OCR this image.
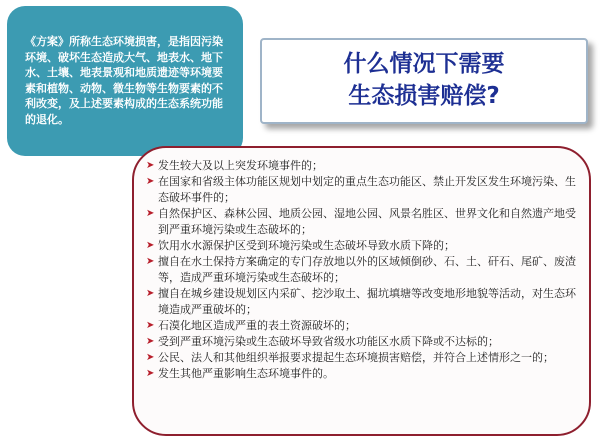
《方案》所称生态环境损害，是指因污染环境、破坏生态造成大气、地表水、地下水、土壤、地表景观和地质遗迹等环境要素和植物、动物、微生物等生物要素的不利改变，及上述要素构成的生态系统功能的退化。
什么情况下需要
生态损害赔偿?
➤ 发生较大及以上突发环境事件的；
➤ 在国家和省级主体功能区规划中划定的重点生态功能区、禁止开发区发生环境污染、生态破坏事件的；
➤ 自然保护区、森林公园、地质公园、湿地公园、风景名胜区、世界文化和自然遗产地受到严重环境污染或生态破坏的；
➤ 饮用水水源保护区受到环境污染或生态破坏导致水质下降的；
➤ 擅自在水土保持方案确定的专门存放地以外的区域倾倒砂、石、土、矸石、尾矿、废渣等，造成严重环境污染或生态破坏的；
➤ 擅自在城乡建设规划区内采矿、挖沙取土、掘坑填塘等改变地形地貌等活动，对生态环境造成严重破坏的；
➤ 石漠化地区造成严重的表土资源破坏的；
➤ 受到严重环境污染或生态破坏导致省级水功能区水质下降或不达标的；
➤ 公民、法人和其他组织举报要求提起生态环境损害赔偿，并符合上述情形之一的；
➤ 发生其他严重影响生态环境事件的。
